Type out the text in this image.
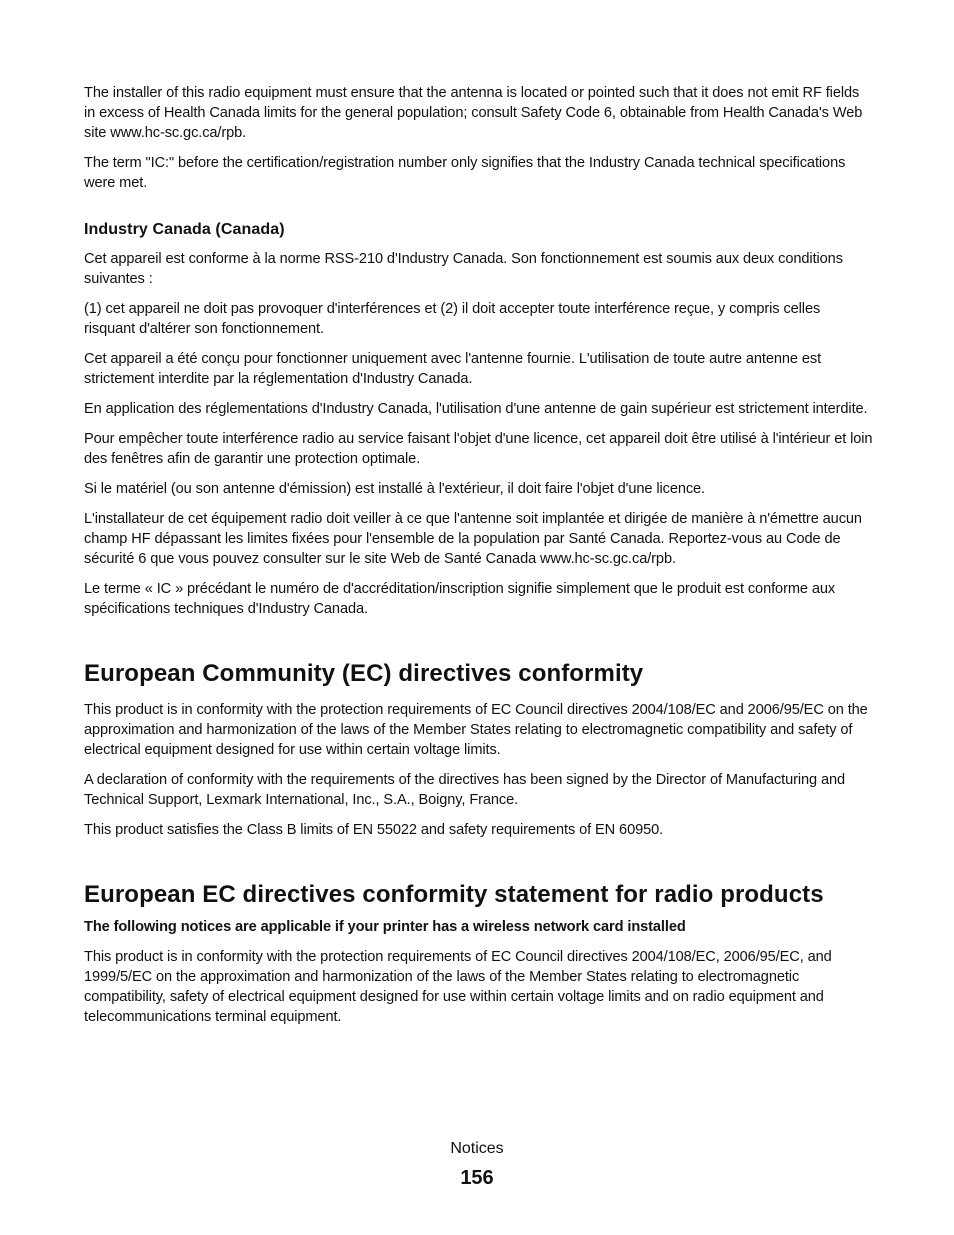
The installer of this radio equipment must ensure that the antenna is located or pointed such that it does not emit RF fields in excess of Health Canada limits for the general population; consult Safety Code 6, obtainable from Health Canada's Web site www.hc-sc.gc.ca/rpb.

The term "IC:" before the certification/registration number only signifies that the Industry Canada technical specifications were met.

Industry Canada (Canada)

Cet appareil est conforme à la norme RSS-210 d'Industry Canada. Son fonctionnement est soumis aux deux conditions suivantes :

(1) cet appareil ne doit pas provoquer d'interférences et (2) il doit accepter toute interférence reçue, y compris celles risquant d'altérer son fonctionnement.

Cet appareil a été conçu pour fonctionner uniquement avec l'antenne fournie. L'utilisation de toute autre antenne est strictement interdite par la réglementation d'Industry Canada.

En application des réglementations d'Industry Canada, l'utilisation d'une antenne de gain supérieur est strictement interdite.

Pour empêcher toute interférence radio au service faisant l'objet d'une licence, cet appareil doit être utilisé à l'intérieur et loin des fenêtres afin de garantir une protection optimale.

Si le matériel (ou son antenne d'émission) est installé à l'extérieur, il doit faire l'objet d'une licence.

L'installateur de cet équipement radio doit veiller à ce que l'antenne soit implantée et dirigée de manière à n'émettre aucun champ HF dépassant les limites fixées pour l'ensemble de la population par Santé Canada. Reportez-vous au Code de sécurité 6 que vous pouvez consulter sur le site Web de Santé Canada www.hc-sc.gc.ca/rpb.

Le terme « IC » précédant le numéro de d'accréditation/inscription signifie simplement que le produit est conforme aux spécifications techniques d'Industry Canada.

European Community (EC) directives conformity

This product is in conformity with the protection requirements of EC Council directives 2004/108/EC and 2006/95/EC on the approximation and harmonization of the laws of the Member States relating to electromagnetic compatibility and safety of electrical equipment designed for use within certain voltage limits.

A declaration of conformity with the requirements of the directives has been signed by the Director of Manufacturing and Technical Support, Lexmark International, Inc., S.A., Boigny, France.

This product satisfies the Class B limits of EN 55022 and safety requirements of EN 60950.

European EC directives conformity statement for radio products

The following notices are applicable if your printer has a wireless network card installed

This product is in conformity with the protection requirements of EC Council directives 2004/108/EC, 2006/95/EC, and 1999/5/EC on the approximation and harmonization of the laws of the Member States relating to electromagnetic compatibility, safety of electrical equipment designed for use within certain voltage limits and on radio equipment and telecommunications terminal equipment.

Notices
156
